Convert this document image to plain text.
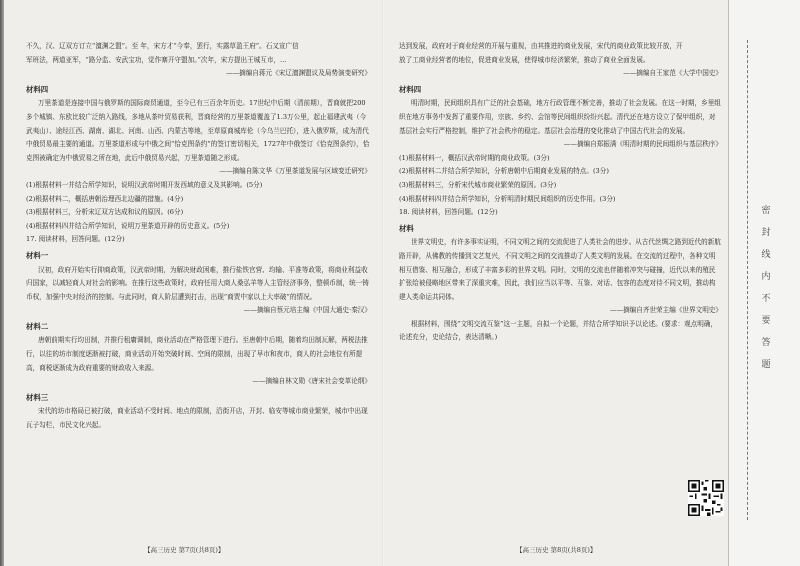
不久，汉、辽双方订立“澶渊之盟”。至 年，宋方才“今奉，罢行，实露草盈王府”。石又宣广信

军班法，两道亚军，“路分监、安武宝功，觉作寨开守盟加。”次年，宋方提出王城互市，...

——摘编自蒋元《宋辽澶渊盟议及局势演变研究》

材料四

万里茶道是连接中国与俄罗斯的国际商贸通道，至今已有三百余年历史。17世纪中后期（清前期），晋商就把200多个城镇、东欧比较广泛纳入路线，多地从茶叶贸易获利，晋商经营的万里茶道覆盖了1.3万公里，起止福建武夷（今武夷山）、途经江西、湖南、湖北、河南、山西、内蒙古等地，至草原商城库伦（今乌兰巴托），进入俄罗斯，成为清代中俄贸易最主要的通道。万里茶道形成与中俄之间“恰克图条约”的签订密切相关，1727年中俄签订《恰克图条约》，恰克图被确定为中俄贸易之所在地，此后中俄贸易兴起，万里茶道随之形成。

——摘编自陈文华《万里茶道发展与区域变迁研究》

(1)根据材料一并结合所学知识，说明汉武帝时期开发西域的意义及其影响。(5分)

(2)根据材料二，概括唐朝治理西北边疆的措施。(4分)

(3)根据材料三，分析宋辽双方达成和议的原因。(6分)

(4)根据材料四并结合所学知识，说明万里茶道开辟的历史意义。(5分)

17. 阅读材料，回答问题。(12分)

材料一

汉初，政府开始实行抑商政策，汉武帝时期，为解决财政困难，推行盐铁官营、均输、平准等政策，将商业利益收归国家，以减轻商人对社会的影响。在推行这些政策时，政府任用大商人桑弘羊等人主管经济事务，整顿币制，统一铸币权，加强中央对经济的控制。与此同时，商人阶层遭到打击，出现“商贾中家以上大率破”的情况。

——摘编自蔡元培主编《中国大通史·秦汉》

材料二

唐朝前期实行均田制，并推行租庸调制，商业活动在严格管理下进行。至唐朝中后期，随着均田制瓦解，两税法推行，以往的坊市制度逐渐被打破，商业活动开始突破时间、空间的限制，出现了早市和夜市，商人的社会地位有所提高，商税逐渐成为政府重要的财政收入来源。

——摘编自林文勋《唐宋社会变革论纲》

材料三

宋代的坊市格局已被打破，商业活动不受时间、地点的限制，沿街开店，开封、临安等城市商业繁荣，城市中出现瓦子勾栏，市民文化兴起。

达到发展，政府对于商业经营的开展与重视，由其推进的商业发展，宋代的商业政策比较开放，开

放了工商业经营者的地位，促进商业发展，使得城市经济繁荣，推动了商业全面发展。

——摘编自王家范《大学中国史》

材料四

明清时期，民间组织具有广泛的社会基础，地方行政管理不断完善，推动了社会发展。在这一时期，乡里组织在地方事务中发挥了重要作用，宗族、乡约、会馆等民间组织纷纷兴起。清代还在地方设立了保甲组织，对基层社会实行严格控制，维护了社会秩序的稳定。基层社会治理的变化推动了中国古代社会的发展。

——摘编自郑振满《明清时期的民间组织与基层秩序》

(1)根据材料一，概括汉武帝时期的商业政策。(3分)

(2)根据材料二并结合所学知识，分析唐朝中后期商业发展的特点。(3分)

(3)根据材料三，分析宋代城市商业繁荣的原因。(3分)

(4)根据材料四并结合所学知识，分析明清时期民间组织的历史作用。(3分)

18. 阅读材料，回答问题。(12分)

材料

世界文明史，有许多事实证明，不同文明之间的交流促进了人类社会的进步。从古代丝绸之路到近代的新航路开辟，从佛教的传播到文艺复兴，不同文明之间的交流推动了人类文明的发展。在交流的过程中，各种文明相互借鉴、相互融合，形成了丰富多彩的世界文明。同时，文明的交流也伴随着冲突与碰撞，近代以来的殖民扩张给被侵略地区带来了深重灾难，因此，我们应当以平等、互鉴、对话、包容的态度对待不同文明，推动构建人类命运共同体。

——摘编自齐世荣主编《世界文明史》

根据材料，围绕“文明交流互鉴”这一主题，自拟一个论题，并结合所学知识予以论述。(要求：观点明确，论述充分，史论结合，表达清晰。)

【高三历史 第7页(共8页)】	【高三历史 第8页(共8页)】
密封线内不要答题
